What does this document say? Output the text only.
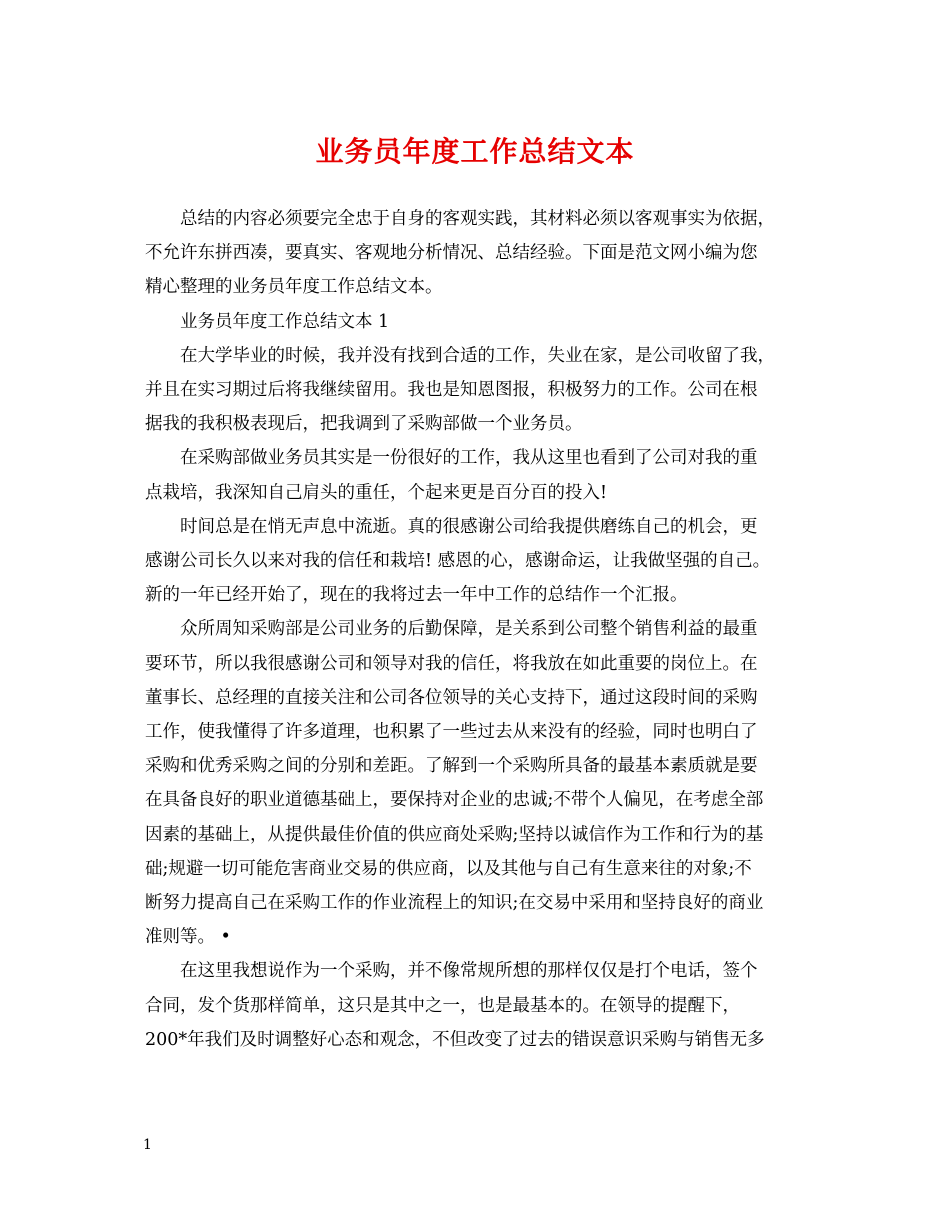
业务员年度工作总结文本
总结的内容必须要完全忠于自身的客观实践，其材料必须以客观事实为依据，
不允许东拼西凑，要真实、客观地分析情况、总结经验。下面是范文网小编为您
精心整理的业务员年度工作总结文本。
业务员年度工作总结文本 1
在大学毕业的时候，我并没有找到合适的工作，失业在家，是公司收留了我，
并且在实习期过后将我继续留用。我也是知恩图报，积极努力的工作。公司在根
据我的我积极表现后，把我调到了采购部做一个业务员。
在采购部做业务员其实是一份很好的工作，我从这里也看到了公司对我的重
点栽培，我深知自己肩头的重任，个起来更是百分百的投入!
时间总是在悄无声息中流逝。真的很感谢公司给我提供磨练自己的机会，更
感谢公司长久以来对我的信任和栽培! 感恩的心，感谢命运，让我做坚强的自己。
新的一年已经开始了，现在的我将过去一年中工作的总结作一个汇报。
众所周知采购部是公司业务的后勤保障，是关系到公司整个销售利益的最重
要环节，所以我很感谢公司和领导对我的信任，将我放在如此重要的岗位上。在
董事长、总经理的直接关注和公司各位领导的关心支持下，通过这段时间的采购
工作，使我懂得了许多道理，也积累了一些过去从来没有的经验，同时也明白了
采购和优秀采购之间的分别和差距。了解到一个采购所具备的最基本素质就是要
在具备良好的职业道德基础上，要保持对企业的忠诚;不带个人偏见，在考虑全部
因素的基础上，从提供最佳价值的供应商处采购;坚持以诚信作为工作和行为的基
础;规避一切可能危害商业交易的供应商，以及其他与自己有生意来往的对象;不
断努力提高自己在采购工作的作业流程上的知识;在交易中采用和坚持良好的商业
准则等。 •
在这里我想说作为一个采购，并不像常规所想的那样仅仅是打个电话，签个
合同，发个货那样简单，这只是其中之一，也是最基本的。在领导的提醒下，
200*年我们及时调整好心态和观念，不但改变了过去的错误意识采购与销售无多
1
